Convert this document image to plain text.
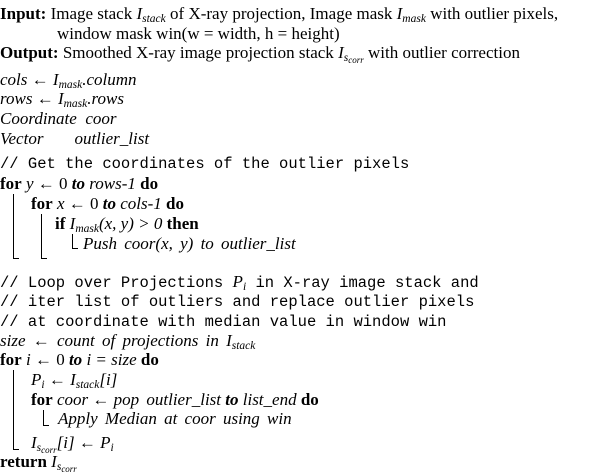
Input: Image stack $I_{stack}$ of X-ray projection, Image mask $I_{mask}$ with outlier pixels,
window mask win(w = width, h = height)
Output: Smoothed X-ray image projection stack $I_{s_{corr}}$ with outlier correction
cols ← $I_{mask}.column$
rows ← $I_{mask}.rows$
Coordinate coor
Vector outlier_list
// Get the coordinates of the outlier pixels
for y ← 0 to rows-1 do
for x ← 0 to cols-1 do
if $I_{mask}(x$, y) > 0 then
Push coor(x, y) to outlier_list
// Loop over Projections $P_i$ in X-ray image stack and
// iter list of outliers and replace outlier pixels
// at coordinate with median value in window win
size ← count of projections in $I_{stack}$
for i ← 0 to i = size do
$P_i$ ← $I_{stack}[i]$
for coor ← pop outlier_list to list_end do
Apply Median at coor using win
$I_{s_{corr}}[i]$ ← $P_i$
return $I_{s_{corr}}$
